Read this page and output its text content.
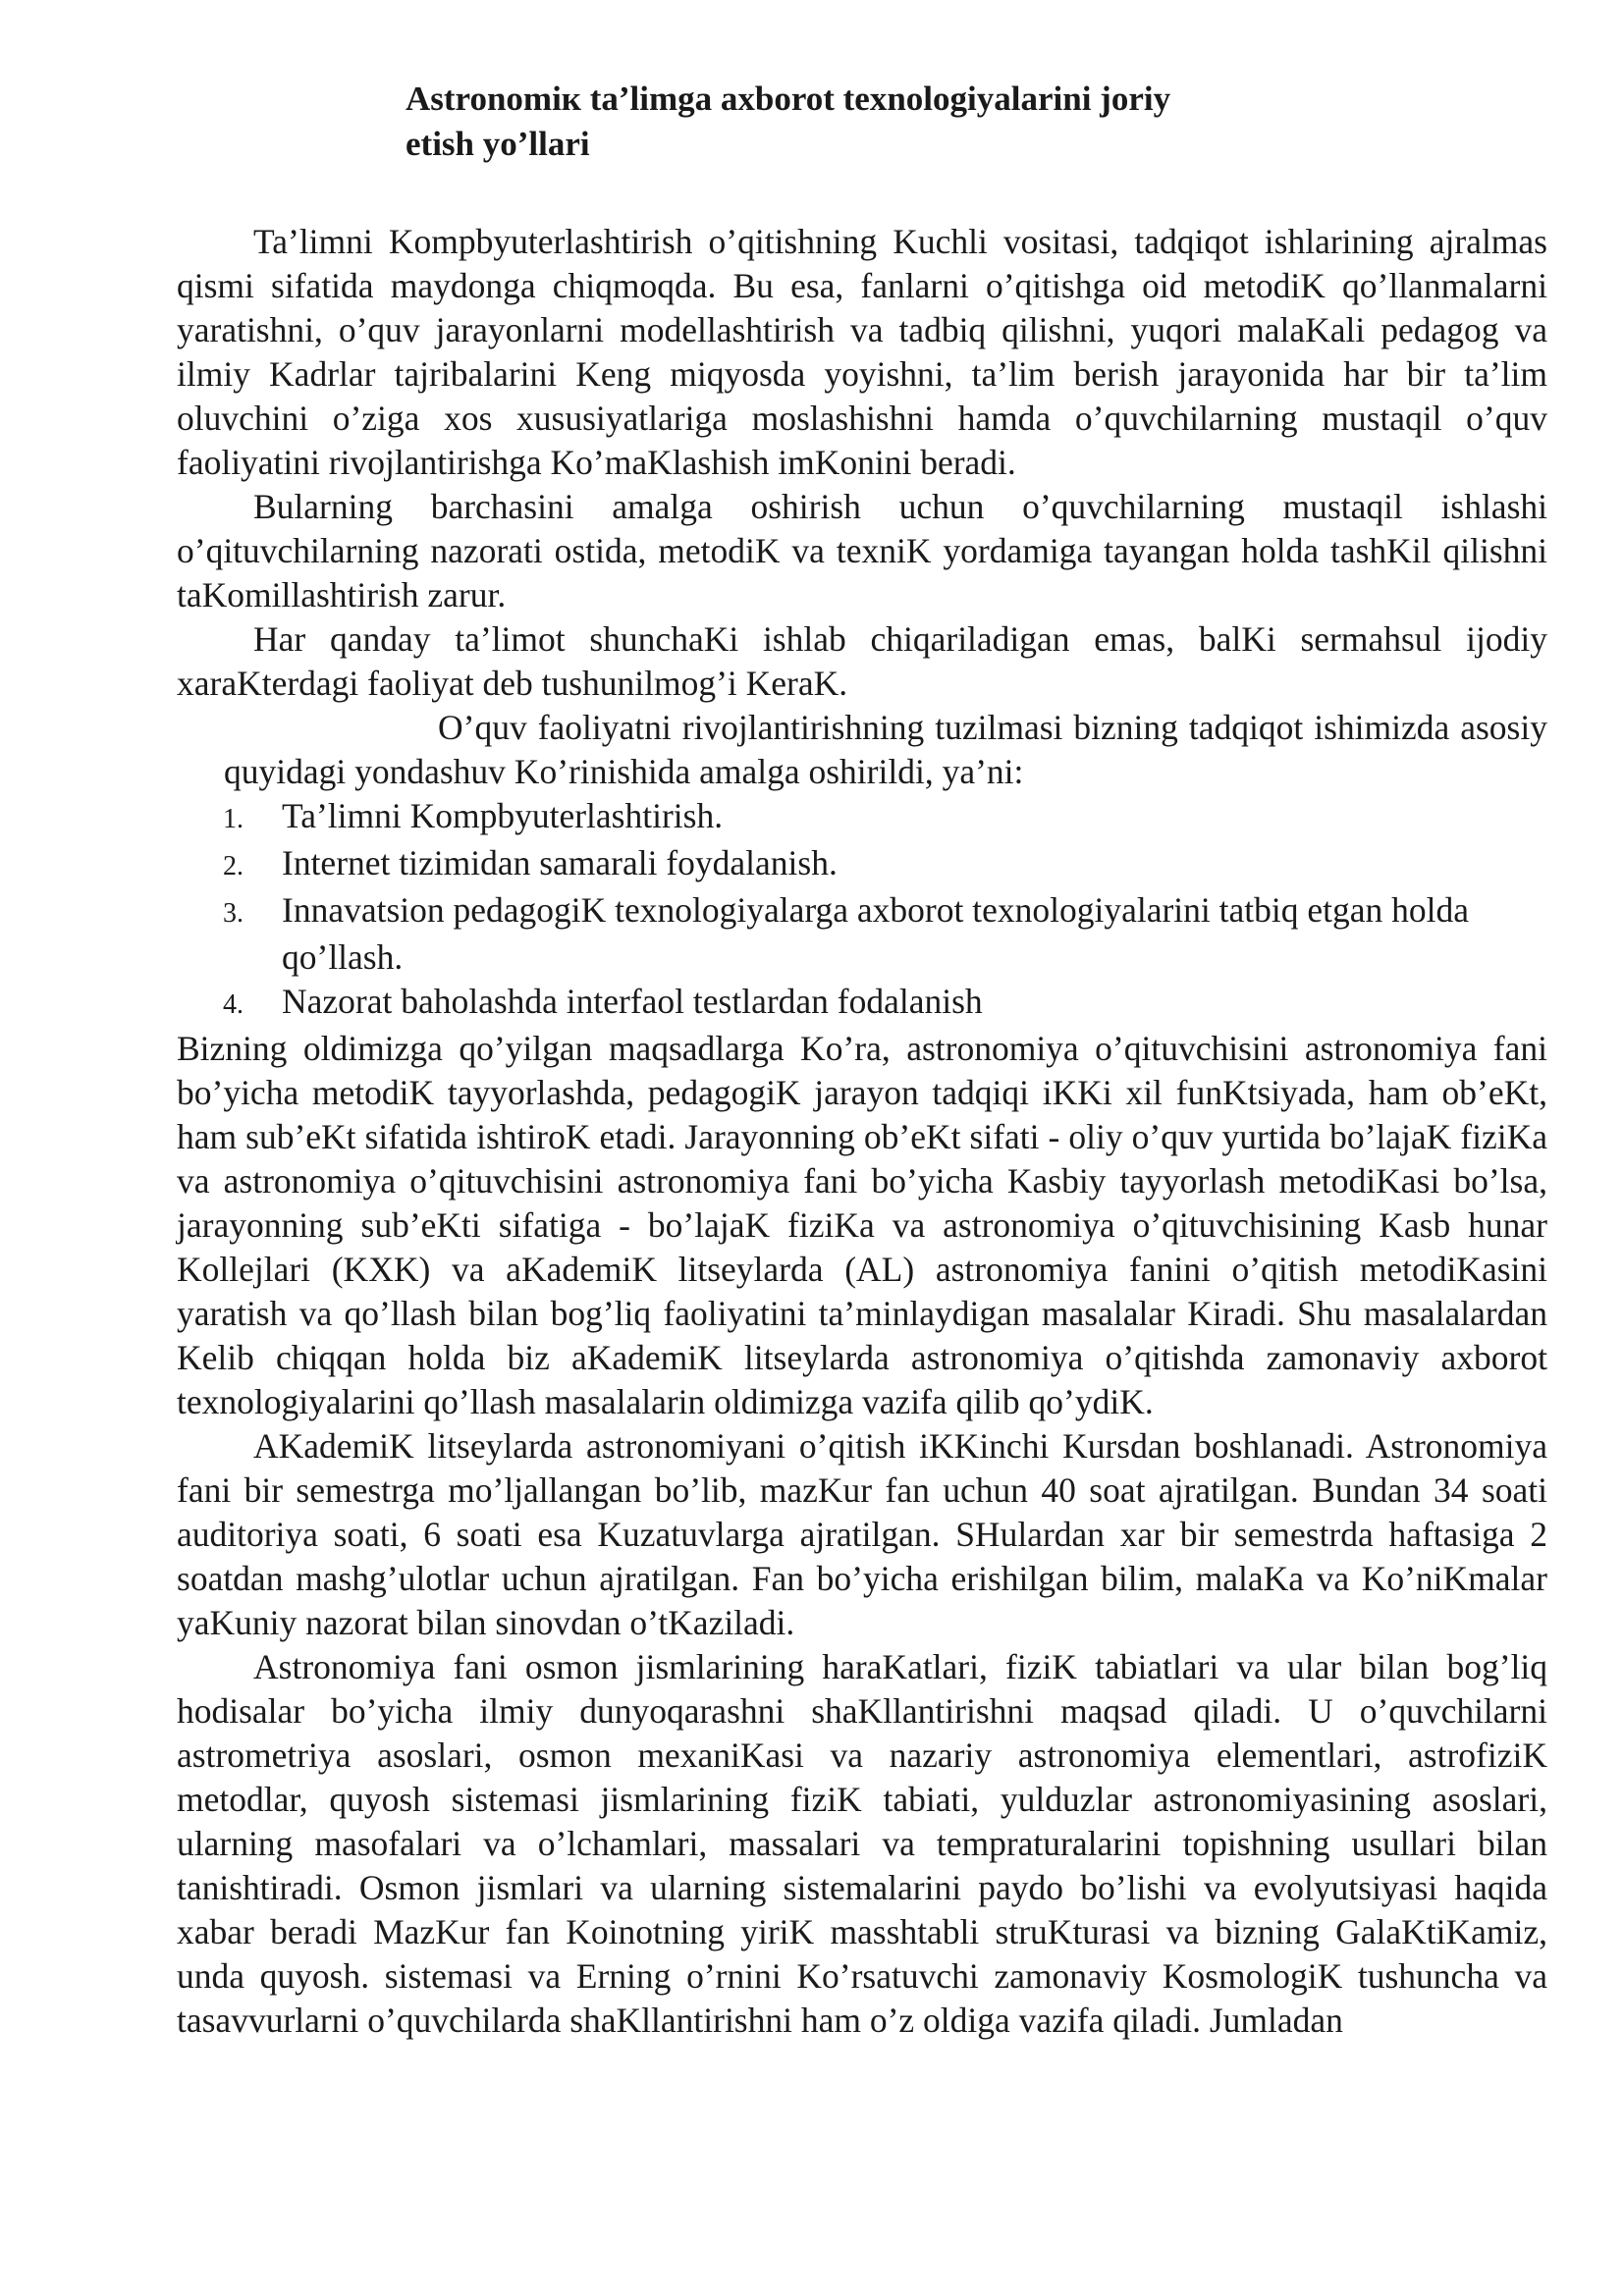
Astronomiк ta’limga axborot texnologiyalarini joriy
etish yo’llari

Ta’limni Kompbyuterlashtirish o’qitishning Kuchli vositasi, tadqiqot ishlarining ajralmas qismi sifatida maydonga chiqmoqda. Bu esa, fanlarni o’qitishga oid metodiK qo’llanmalarni yaratishni, o’quv jarayonlarni modellashtirish va tadbiq qilishni, yuqori malaKali pedagog va ilmiy Kadrlar tajribalarini Keng miqyosda yoyishni, ta’lim berish jarayonida har bir ta’lim oluvchini o’ziga xos xususiyatlariga moslashishni hamda o’quvchilarning mustaqil o’quv faoliyatini rivojlantirishga Ko’maKlashish imKonini beradi.

Bularning barchasini amalga oshirish uchun o’quvchilarning mustaqil ishlashi o’qituvchilarning nazorati ostida, metodiK va texniK yordamiga tayangan holda tashKil qilishni taKomillashtirish zarur.

Har qanday ta’limot shunchaKi ishlab chiqariladigan emas, balKi sermahsul ijodiy xaraKterdagi faoliyat deb tushunilmog’i KeraK.

O’quv faoliyatni rivojlantirishning tuzilmasi bizning tadqiqot ishimizda asosiy quyidagi yondashuv Ko’rinishida amalga oshirildi, ya’ni:

1. Ta’limni Kompbyuterlashtirish.
2. Internet tizimidan samarali foydalanish.
3. Innavatsion pedagogiK texnologiyalarga axborot texnologiyalarini tatbiq etgan holda qo’llash.
4. Nazorat baholashda interfaol testlardan fodalanish

Bizning oldimizga qo’yilgan maqsadlarga Ko’ra, astronomiya o’qituvchisini astronomiya fani bo’yicha metodiK tayyorlashda, pedagogiK jarayon tadqiqi iKKi xil funKtsiyada, ham ob’eKt, ham sub’eKt sifatida ishtiroK etadi. Jarayonning ob’eKt sifati - oliy o’quv yurtida bo’lajaK fiziKa va astronomiya o’qituvchisini astronomiya fani bo’yicha Kasbiy tayyorlash metodiKasi bo’lsa, jarayonning sub’eKti sifatiga - bo’lajaK fiziKa va astronomiya o’qituvchisining Kasb hunar Kollejlari (KXK) va aKademiK litseylarda (AL) astronomiya fanini o’qitish metodiKasini yaratish va qo’llash bilan bog’liq faoliyatini ta’minlaydigan masalalar Kiradi. Shu masalalardan Kelib chiqqan holda biz aKademiK litseylarda astronomiya o’qitishda zamonaviy axborot texnologiyalarini qo’llash masalalarin oldimizga vazifa qilib qo’ydiK.

AKademiK litseylarda astronomiyani o’qitish iKKinchi Kursdan boshlanadi. Astronomiya fani bir semestrga mo’ljallangan bo’lib, mazKur fan uchun 40 soat ajratilgan. Bundan 34 soati auditoriya soati, 6 soati esa Kuzatuvlarga ajratilgan. SHulardan xar bir semestrda haftasiga 2 soatdan mashg’ulotlar uchun ajratilgan. Fan bo’yicha erishilgan bilim, malaKa va Ko’niKmalar yaKuniy nazorat bilan sinovdan o’tKaziladi.

Astronomiya fani osmon jismlarining haraKatlari, fiziK tabiatlari va ular bilan bog’liq hodisalar bo’yicha ilmiy dunyoqarashni shaKllantirishni maqsad qiladi. U o’quvchilarni astrometriya asoslari, osmon mexaniKasi va nazariy astronomiya elementlari, astrofiziK metodlar, quyosh sistemasi jismlarining fiziK tabiati, yulduzlar astronomiyasining asoslari, ularning masofalari va o’lchamlari, massalari va tempraturalarini topishning usullari bilan tanishtiradi. Osmon jismlari va ularning sistemalarini paydo bo’lishi va evolyutsiyasi haqida xabar beradi MazKur fan Koinotning yiriK masshtabli struKturasi va bizning GalaKtiKamiz, unda quyosh. sistemasi va Erning o’rnini Ko’rsatuvchi zamonaviy KosmologiK tushuncha va tasavvurlarni o’quvchilarda shaKllantirishni ham o’z oldiga vazifa qiladi. Jumladan
